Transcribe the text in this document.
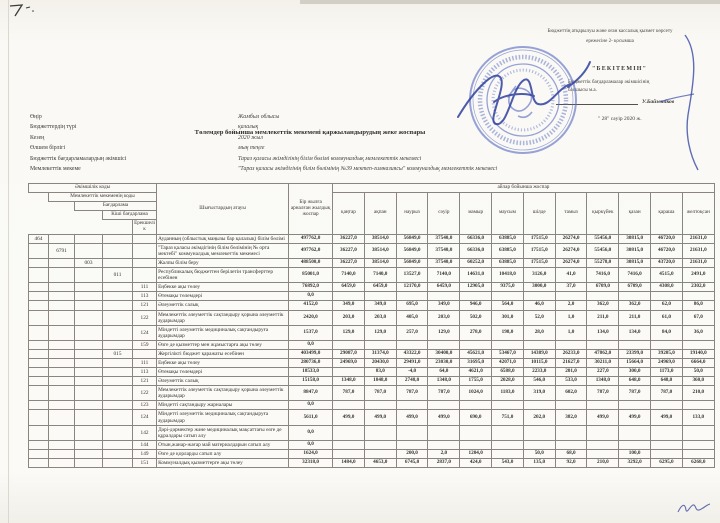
Бюджеттің атқарылуы және оған кассалық қызмет көрсету
ережесіне 2- қосымша
"БЕКІТЕМІН"
Бюджеттік бағдарламалар әкімшісінің
басшысы м.а.
У.Байзетіков
" 28" сәуір 2020 ж.
Төлемдер бойынша мемлекеттік мекемені қаржыландырудың жеке жоспары
Өңір	Жамбыл облысы
Бюджеттердің түрі	қалалық
Кезең	2020 жыл
Өлшем бірлігі	мың теңге
Бюджеттік бағдарламалардың әкімшісі	Тараз қаласы әкімдігінің білім бөлімі коммуналдық мемлекеттік мекемесі
Мемлекеттік мекеме	"Тараз қаласы әкімдігінің білім бөлімінің №39 мектеп-гимназиясы" коммуналдық мемлекеттік мекемесі
Әкімшілік коды					Шығыстардың атауы	Бір жылға арналған жылдық жоспар	айлар бойынша жоспар											
	Мемлекеттік мекеменің коды						қаңтар	ақпан	наурыз	сәуір	мамыр	маусым	шілде	тамыз	қыркүйек	қазан	қараша	желтоқсан
		Бағдарлама																
			Кіші бағдарлама															
				Ерекшелік														
464					Ауданның (облыстық маңызы бар қалалық) білім бөлімі	497762,0	36227,0	38514,0	56849,0	37540,0	66336,0	63885,0	17515,0	26274,0	55456,0	30815,0	46720,0	21631,0
	6791				"Тараз қаласы әкімдігінің білім бөлімінің № орта мектебі" коммуналдық мемлекеттік мекемесі	497762,0	36227,0	38514,0	56849,0	37540,0	66336,0	63885,0	17515,0	26274,0	55456,0	30815,0	46720,0	21631,0
		003			Жалпы білім беру	488500,0	36227,0	38514,0	56849,0	37540,0	60252,0	63885,0	17515,0	26274,0	55278,0	30815,0	43720,0	21631,0
			011		Республикалық бюджеттен берілетін трансферттер есебінен	85001,0	7140,0	7140,0	13527,0	7140,0	14631,0	10418,0	3126,0	41,0	7416,0	7416,0	4515,0	2491,0
				111	Еңбекке ақы төлеу	76892,0	6459,0	6459,0	12170,0	6459,0	12905,0	9375,0	3000,0	37,0	6709,0	6709,0	4308,0	2302,0
				113	Өтемақы төлемдері	0,0												
				121	Әлеуметтік салық	4152,0	349,0	349,0	695,0	349,0	946,0	564,0	46,0	2,0	362,0	362,0	62,0	86,0
				122	Мемлекеттік әлеуметтік сақтандыру қорына әлеуметтік аударымдар	2420,0	203,0	203,0	405,0	203,0	502,0	301,0	52,0	1,0	211,0	211,0	61,0	67,0
				124	Міндетті әлеуметтік медициналық сақтандыруға аударымдар	1537,0	129,0	129,0	257,0	129,0	278,0	198,0	28,0	1,0	134,0	134,0	84,0	36,0
				159	Өзге де қызметтер мен жұмыстарға ақы төлеу	0,0												
			015		Жергілікті бюджет қаражаты есебінен	403499,0	29087,0	31374,0	43322,0	30400,0	45621,0	53467,0	14389,0	26233,0	47862,0	23399,0	39205,0	19140,0
				111	Еңбекке ақы төлеу	280736,0	24969,0	20430,0	29491,0	23030,0	31695,0	42071,0	10115,0	21627,0	30211,0	15664,0	24969,0	6664,0
				113	Өтемақы төлемдері	18533,0		83,0	-4,0	64,0	4621,0	6588,0	2233,0	201,0	227,0	300,0	1173,0	50,0
				121	Әлеуметтік салық	15158,0	1348,0	1848,0	2748,0	1348,0	1755,0	2028,0	546,0	533,0	1348,0	648,0	648,0	360,0
				122	Мемлекеттік әлеуметтік сақтандыру қорына әлеуметтік аударымдар	8847,0	787,0	787,0	787,0	787,0	1024,0	1183,0	319,0	602,0	787,0	787,0	787,0	210,0
				123	Міндетті сақтандыру жарналары	0,0												
				124	Міндетті әлеуметтік медициналық сақтандыруға аударымдар	5611,0	499,0	499,0	499,0	499,0	690,0	751,0	202,0	382,0	499,0	499,0	499,0	133,0
				142	Дәрі-дәрмектер және медициналық мақсаттағы өзге де құралдары сатып алу	0,0												
				144	Отын,жанар-жағар май материалдарын сатып алу	0,0												
				149	Өзге де қорларды сатып алу	1624,0			200,0	2,0	1204,0		50,0	68,0		100,0		
				151	Коммуналдық қызметтерге ақы төлеу	32318,0	1484,0	4653,0	6745,0	2837,0	424,0	543,0	135,0	92,0	210,0	3292,0	6295,0	6268,0
